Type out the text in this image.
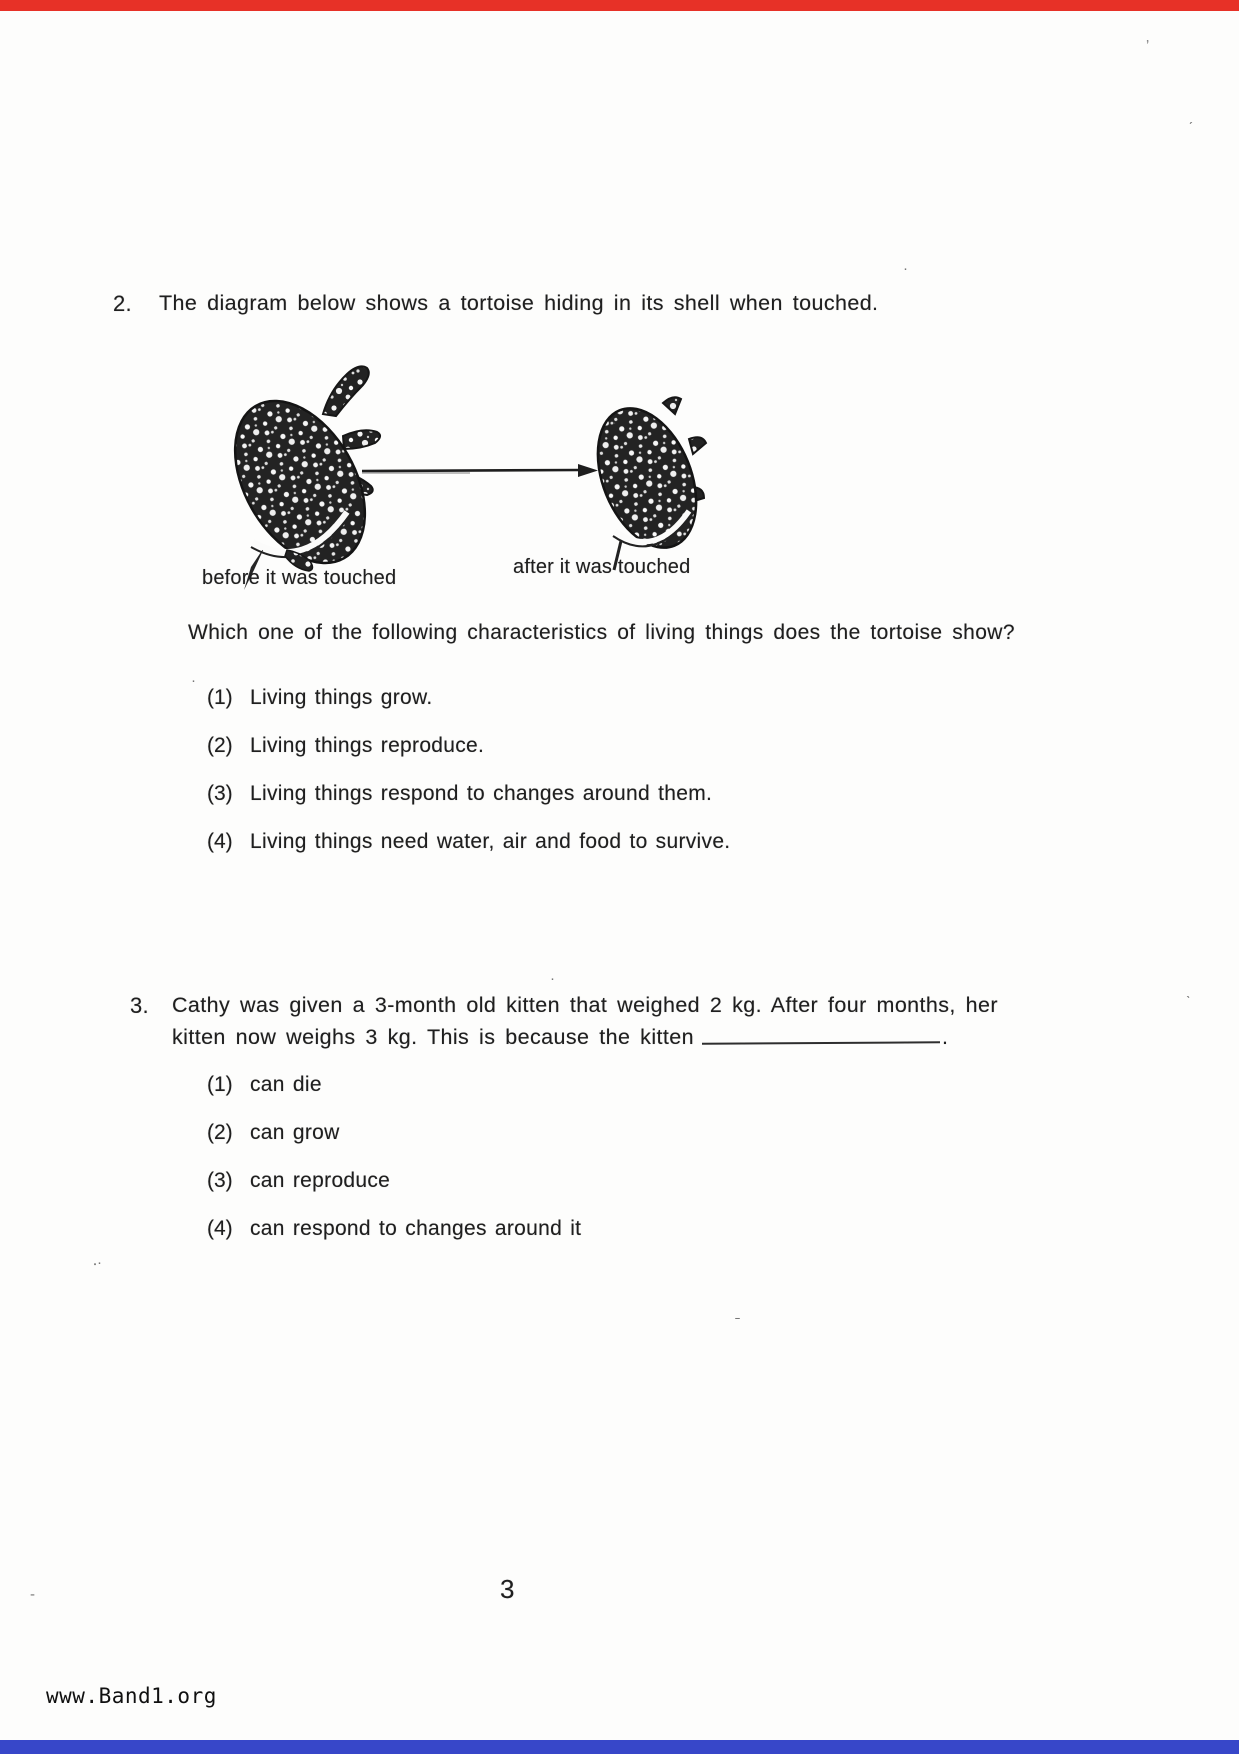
2. The diagram below shows a tortoise hiding in its shell when touched.
before it was touched	after it was touched
Which one of the following characteristics of living things does the tortoise show?
(1) Living things grow.
(2) Living things reproduce.
(3) Living things respond to changes around them.
(4) Living things need water, air and food to survive.
3. Cathy was given a 3-month old kitten that weighed 2 kg. After four months, her
kitten now weighs 3 kg. This is because the kitten	.
(1) can die
(2) can grow
(3) can reproduce
(4) can respond to changes around it
3
www.Band1.org
ʼ
ˏ
·
·
·
·
ˎ
⸳·
˗
-
